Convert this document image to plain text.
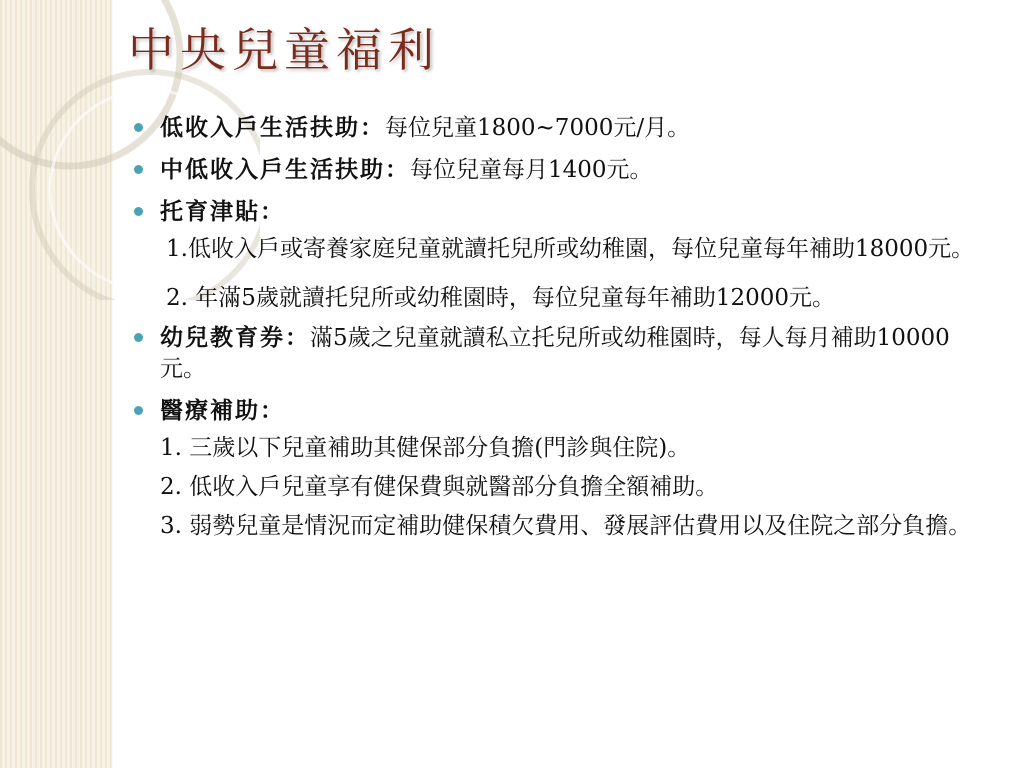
中央兒童福利
低收入戶生活扶助：每位兒童1800~7000元/月。
中低收入戶生活扶助：每位兒童每月1400元。
托育津貼：
1.低收入戶或寄養家庭兒童就讀托兒所或幼稚園，每位兒童每年補助18000元。
2. 年滿5歲就讀托兒所或幼稚園時，每位兒童每年補助12000元。
幼兒教育券：滿5歲之兒童就讀私立托兒所或幼稚園時，每人每月補助10000元。
醫療補助：
1. 三歲以下兒童補助其健保部分負擔(門診與住院)。
2. 低收入戶兒童享有健保費與就醫部分負擔全額補助。
3. 弱勢兒童是情況而定補助健保積欠費用、發展評估費用以及住院之部分負擔。
